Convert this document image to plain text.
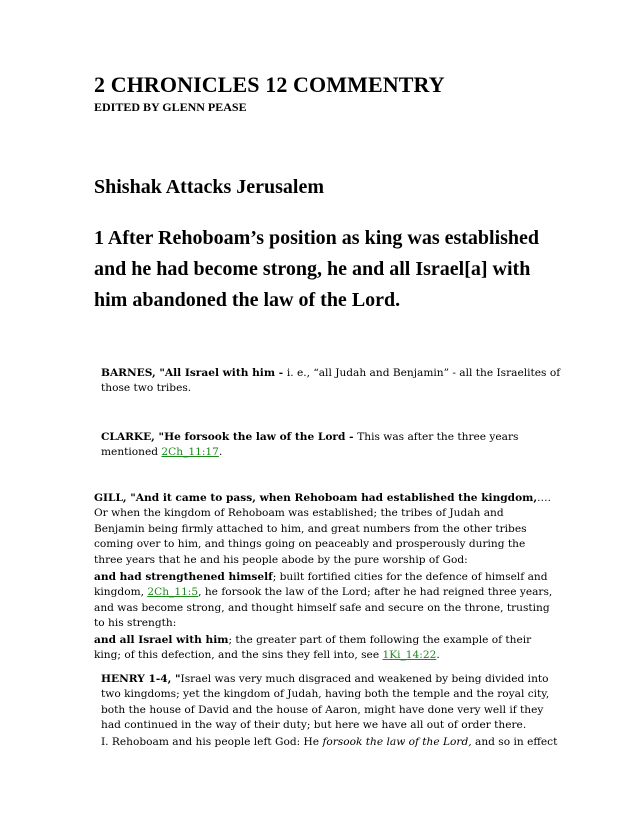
2 CHRONICLES 12 COMMENTRY
EDITED BY GLENN PEASE
Shishak Attacks Jerusalem

1 After Rehoboam’s position as king was established and he had become strong, he and all Israel[a] with him abandoned the law of the Lord.

BARNES, "All Israel with him - i. e., “all Judah and Benjamin” - all the Israelites of those two tribes.

CLARKE, "He forsook the law of the Lord - This was after the three years mentioned 2Ch_11:17.

GILL, "And it came to pass, when Rehoboam had established the kingdom,…. Or when the kingdom of Rehoboam was established; the tribes of Judah and Benjamin being firmly attached to him, and great numbers from the other tribes coming over to him, and things going on peaceably and prosperously during the three years that he and his people abode by the pure worship of God:

and had strengthened himself; built fortified cities for the defence of himself and kingdom, 2Ch_11:5, he forsook the law of the Lord; after he had reigned three years, and was become strong, and thought himself safe and secure on the throne, trusting to his strength:

and all Israel with him; the greater part of them following the example of their king; of this defection, and the sins they fell into, see 1Ki_14:22.

HENRY 1-4, "Israel was very much disgraced and weakened by being divided into two kingdoms; yet the kingdom of Judah, having both the temple and the royal city, both the house of David and the house of Aaron, might have done very well if they had continued in the way of their duty; but here we have all out of order there.

I. Rehoboam and his people left God: He forsook the law of the Lord, and so in effect
